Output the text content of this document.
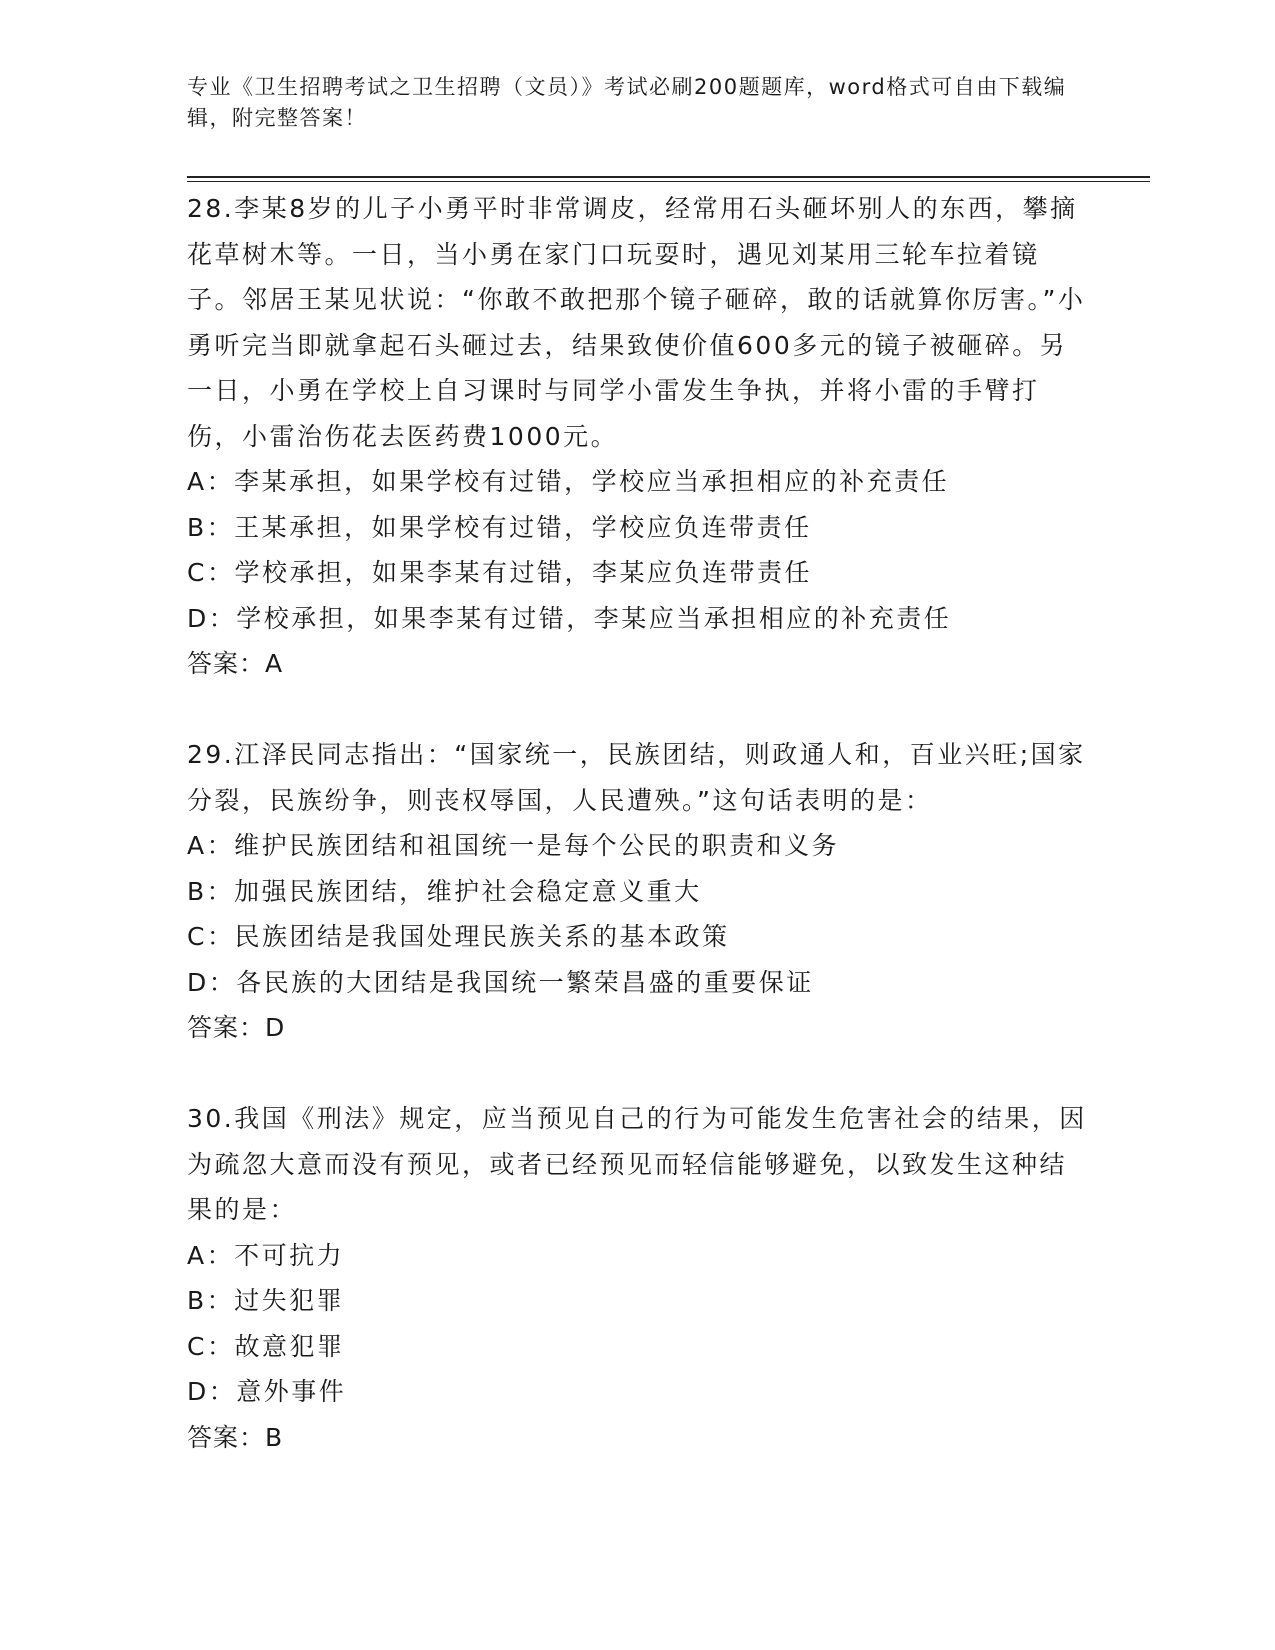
专业《卫生招聘考试之卫生招聘（文员）》考试必刷200题题库，word格式可自由下载编辑，附完整答案！

28.李某8岁的儿子小勇平时非常调皮，经常用石头砸坏别人的东西，攀摘花草树木等。一日，当小勇在家门口玩耍时，遇见刘某用三轮车拉着镜子。邻居王某见状说：“你敢不敢把那个镜子砸碎，敢的话就算你厉害。”小勇听完当即就拿起石头砸过去，结果致使价值600多元的镜子被砸碎。另一日，小勇在学校上自习课时与同学小雷发生争执，并将小雷的手臂打伤，小雷治伤花去医药费1000元。

A：李某承担，如果学校有过错，学校应当承担相应的补充责任
B：王某承担，如果学校有过错，学校应负连带责任
C：学校承担，如果李某有过错，李某应负连带责任
D：学校承担，如果李某有过错，李某应当承担相应的补充责任

答案：A

29.江泽民同志指出：“国家统一，民族团结，则政通人和，百业兴旺;国家分裂，民族纷争，则丧权辱国，人民遭殃。”这句话表明的是：

A：维护民族团结和祖国统一是每个公民的职责和义务
B：加强民族团结，维护社会稳定意义重大
C：民族团结是我国处理民族关系的基本政策
D：各民族的大团结是我国统一繁荣昌盛的重要保证

答案：D

30.我国《刑法》规定，应当预见自己的行为可能发生危害社会的结果，因为疏忽大意而没有预见，或者已经预见而轻信能够避免，以致发生这种结果的是：

A：不可抗力
B：过失犯罪
C：故意犯罪
D：意外事件

答案：B
